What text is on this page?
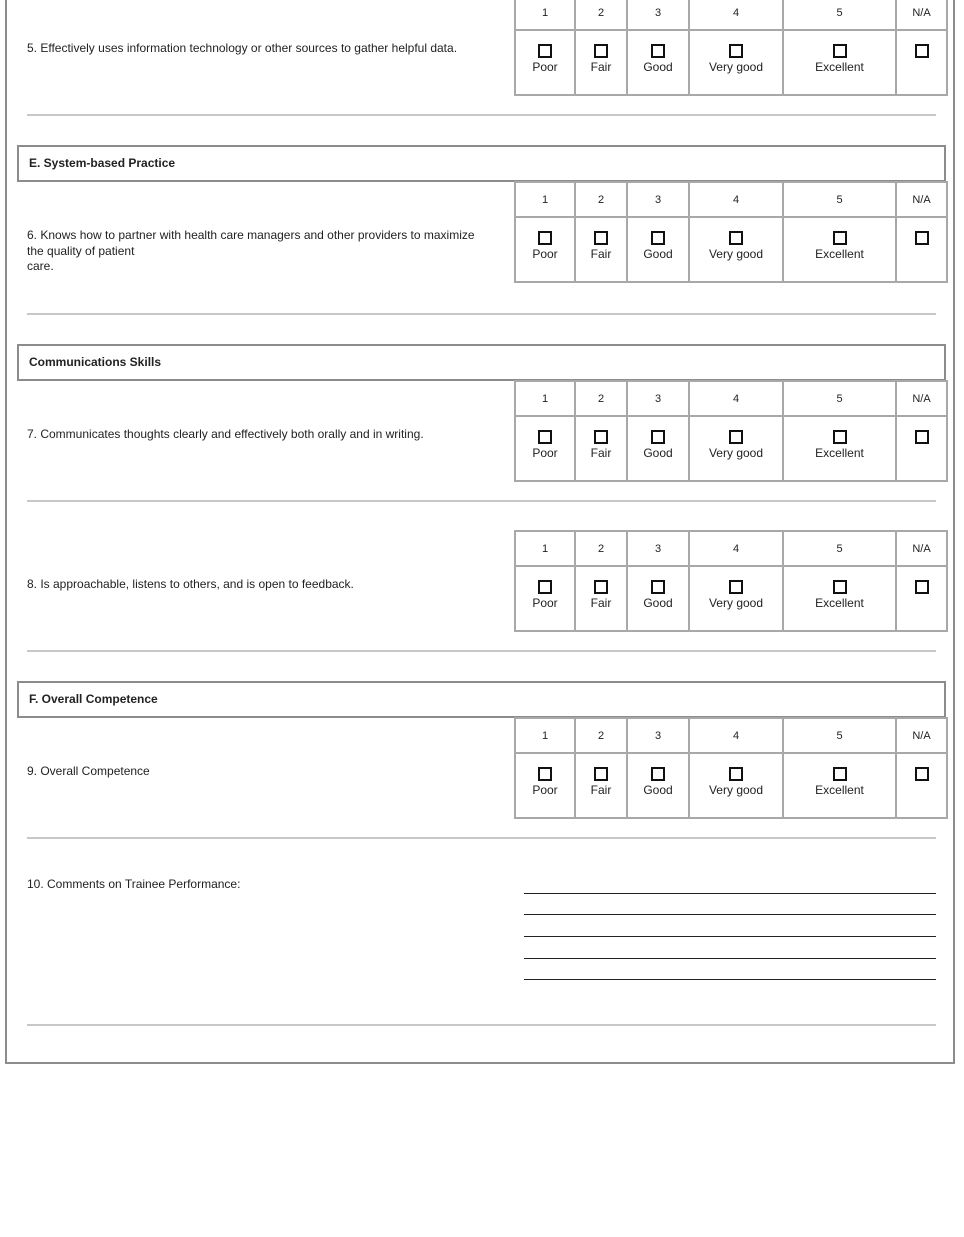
5. Effectively uses information technology or other sources to gather helpful data.
1	2	3	4	5	N/A

Poor	Fair	Good	Very good	Excellent	
E. System-based Practice
6. Knows how to partner with health care managers and other providers to maximize
the quality of patient
care.
1	2	3	4	5	N/A

Poor	Fair	Good	Very good	Excellent	
Communications Skills
7. Communicates thoughts clearly and effectively both orally and in writing.
1	2	3	4	5	N/A

Poor	Fair	Good	Very good	Excellent	
8. Is approachable, listens to others, and is open to feedback.
1	2	3	4	5	N/A

Poor	Fair	Good	Very good	Excellent	
F. Overall Competence
9. Overall Competence
1	2	3	4	5	N/A

Poor	Fair	Good	Very good	Excellent	
10. Comments on Trainee Performance:
